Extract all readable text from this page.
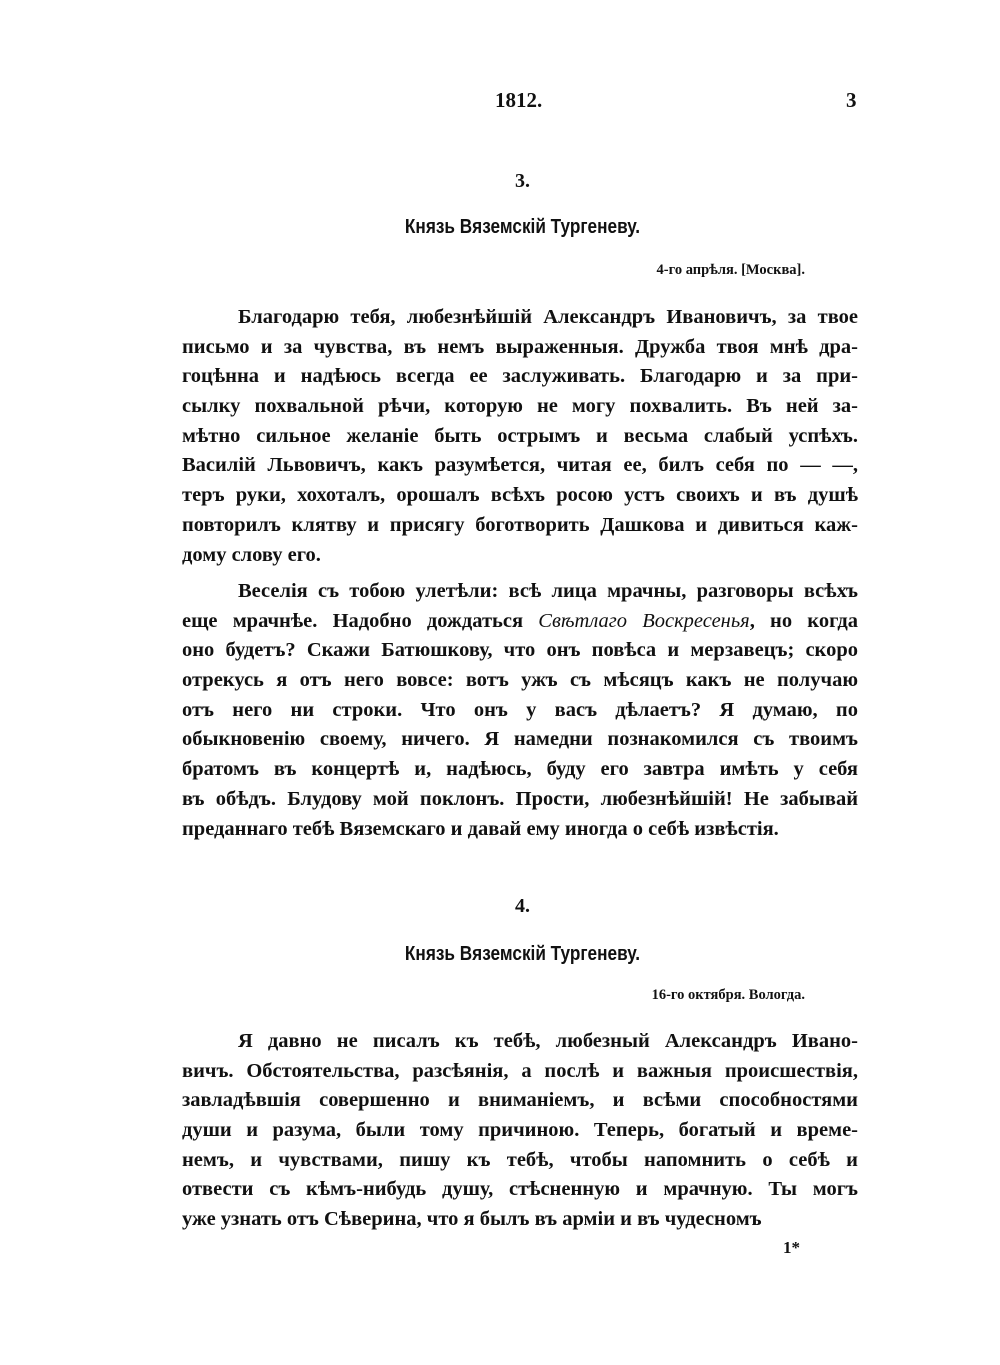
1812.	3
3.
Князь Вяземскій Тургеневу.
4-го апрѣля. [Москва].
Благодарю тебя, любезнѣйшій Александръ Ивановичъ, за твое
письмо и за чувства, въ немъ выраженныя. Дружба твоя мнѣ дра-
гоцѣнна и надѣюсь всегда ее заслуживать. Благодарю и за при-
сылку похвальной рѣчи, которую не могу похвалить. Въ ней за-
мѣтно сильное желаніе быть острымъ и весьма слабый успѣхъ.
Василій Львовичъ, какъ разумѣется, читая ее, билъ себя по — —,
теръ руки, хохоталъ, орошалъ всѣхъ росою устъ своихъ и въ душѣ
повторилъ клятву и присягу боготворить Дашкова и дивиться каж-
дому слову его.
Веселія съ тобою улетѣли: всѣ лица мрачны, разговоры всѣхъ
еще мрачнѣе. Надобно дождаться Свѣтлаго Воскресенья, но когда
оно будетъ? Скажи Батюшкову, что онъ повѣса и мерзавецъ; скоро
отрекусь я отъ него вовсе: вотъ ужъ съ мѣсяцъ какъ не получаю
отъ него ни строки. Что онъ у васъ дѣлаетъ? Я думаю, по
обыкновенію своему, ничего. Я намедни познакомился съ твоимъ
братомъ въ концертѣ и, надѣюсь, буду его завтра имѣть у себя
въ обѣдъ. Блудову мой поклонъ. Прости, любезнѣйшій! Не забывай
преданнаго тебѣ Вяземскаго и давай ему иногда о себѣ извѣстія.
4.
Князь Вяземскій Тургеневу.
16-го октября. Вологда.
Я давно не писалъ къ тебѣ, любезный Александръ Ивано-
вичъ. Обстоятельства, разсѣянія, а послѣ и важныя происшествія,
завладѣвшія совершенно и вниманіемъ, и всѣми способностями
души и разума, были тому причиною. Теперь, богатый и време-
немъ, и чувствами, пишу къ тебѣ, чтобы напомнить о себѣ и
отвести съ кѣмъ-нибудь душу, стѣсненную и мрачную. Ты могъ
уже узнать отъ Сѣверина, что я былъ въ арміи и въ чудесномъ
1*
